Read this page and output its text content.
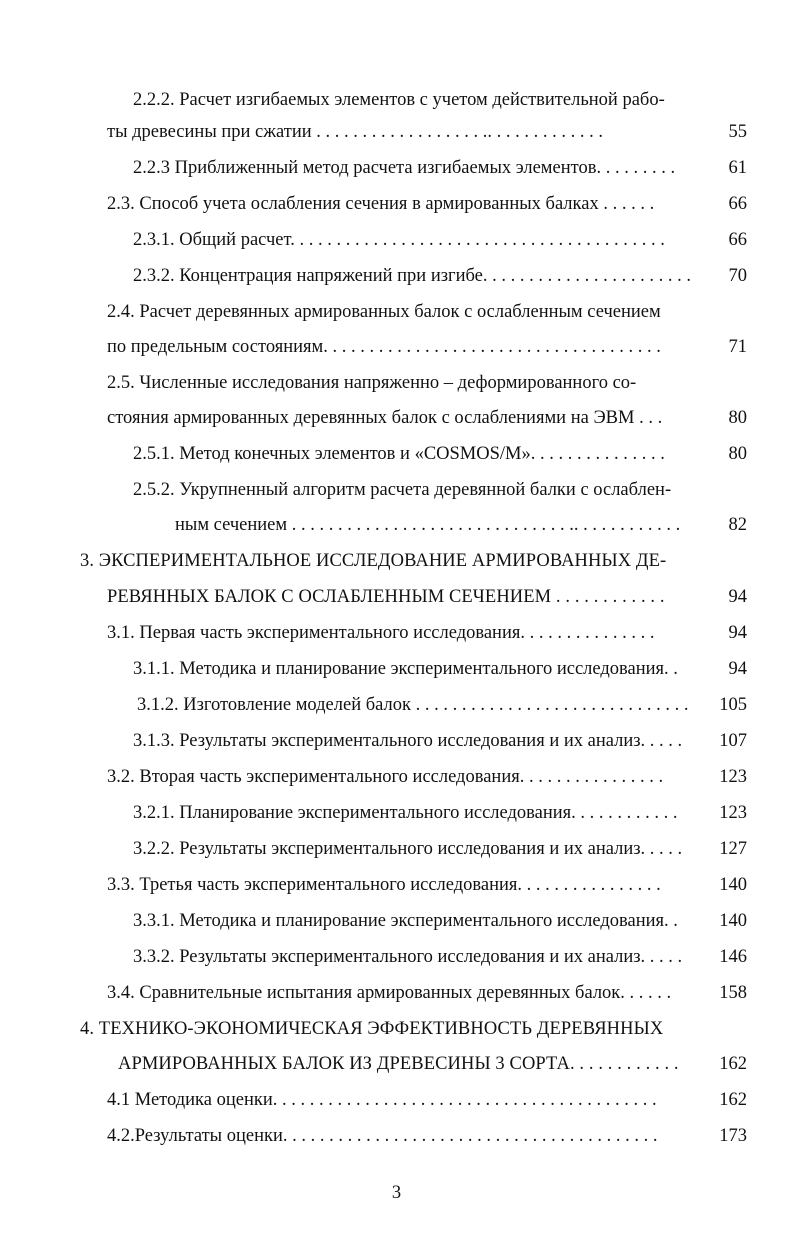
2.2.2. Расчет изгибаемых элементов с учетом действительной рабо-
ты древесины при сжатии . . . . . . . . . . . . . . . . . . .. . . . . . . . . . . . .	55
2.2.3 Приближенный метод расчета изгибаемых элементов. . . . . . . . .	61
2.3. Способ учета ослабления сечения в армированных балках . . . . . .	66
2.3.1. Общий расчет. . . . . . . . . . . . . . . . . . . . . . . . . . . . . . . . . . . . . . . . .	66
2.3.2. Концентрация напряжений при изгибе. . . . . . . . . . . . . . . . . . . . . . . 70
2.4. Расчет деревянных армированных балок с ослабленным сечением
по предельным состояниям. . . . . . . . . . . . . . . . . . . . . . . . . . . . . . . . . . . . .	71
2.5. Численные исследования напряженно – деформированного со-
стояния армированных деревянных балок с ослаблениями на ЭВМ . . .	80
2.5.1. Метод конечных элементов и «COSMOS/M». . . . . . . . . . . . . . .	80
2.5.2. Укрупненный алгоритм расчета деревянной балки с ослаблен-
ным сечением . . . . . . . . . . . . . . . . . . . . . . . . . . . . . . .. . . . . . . . . . . .	82
3. ЭКСПЕРИМЕНТАЛЬНОЕ ИССЛЕДОВАНИЕ АРМИРОВАННЫХ ДЕ-
РЕВЯННЫХ БАЛОК С ОСЛАБЛЕННЫМ СЕЧЕНИЕМ . . . . . . . . . . . .	94
3.1. Первая часть экспериментального исследования. . . . . . . . . . . . . . .	94
3.1.1. Методика и планирование экспериментального исследования. .	94
3.1.2. Изготовление моделей балок . . . . . . . . . . . . . . . . . . . . . . . . . . . . . . 105
3.1.3. Результаты экспериментального исследования и их анализ. . . . . 107
3.2. Вторая часть экспериментального исследования. . . . . . . . . . . . . . . .	123
3.2.1. Планирование экспериментального исследования. . . . . . . . . . . . 123
3.2.2. Результаты экспериментального исследования и их анализ. . . . . 127
3.3. Третья часть экспериментального исследования. . . . . . . . . . . . . . . .	140
3.3.1. Методика и планирование экспериментального исследования. . 140
3.3.2. Результаты экспериментального исследования и их анализ. . . . . 146
3.4. Сравнительные испытания армированных деревянных балок. . . . . .	158
4. ТЕХНИКО-ЭКОНОМИЧЕСКАЯ ЭФФЕКТИВНОСТЬ ДЕРЕВЯННЫХ
АРМИРОВАННЫХ БАЛОК ИЗ ДРЕВЕСИНЫ 3 СОРТА. . . . . . . . . . . . 162
4.1 Методика оценки. . . . . . . . . . . . . . . . . . . . . . . . . . . . . . . . . . . . . . . . . .	162
4.2.Результаты оценки. . . . . . . . . . . . . . . . . . . . . . . . . . . . . . . . . . . . . . . . .	173
3
